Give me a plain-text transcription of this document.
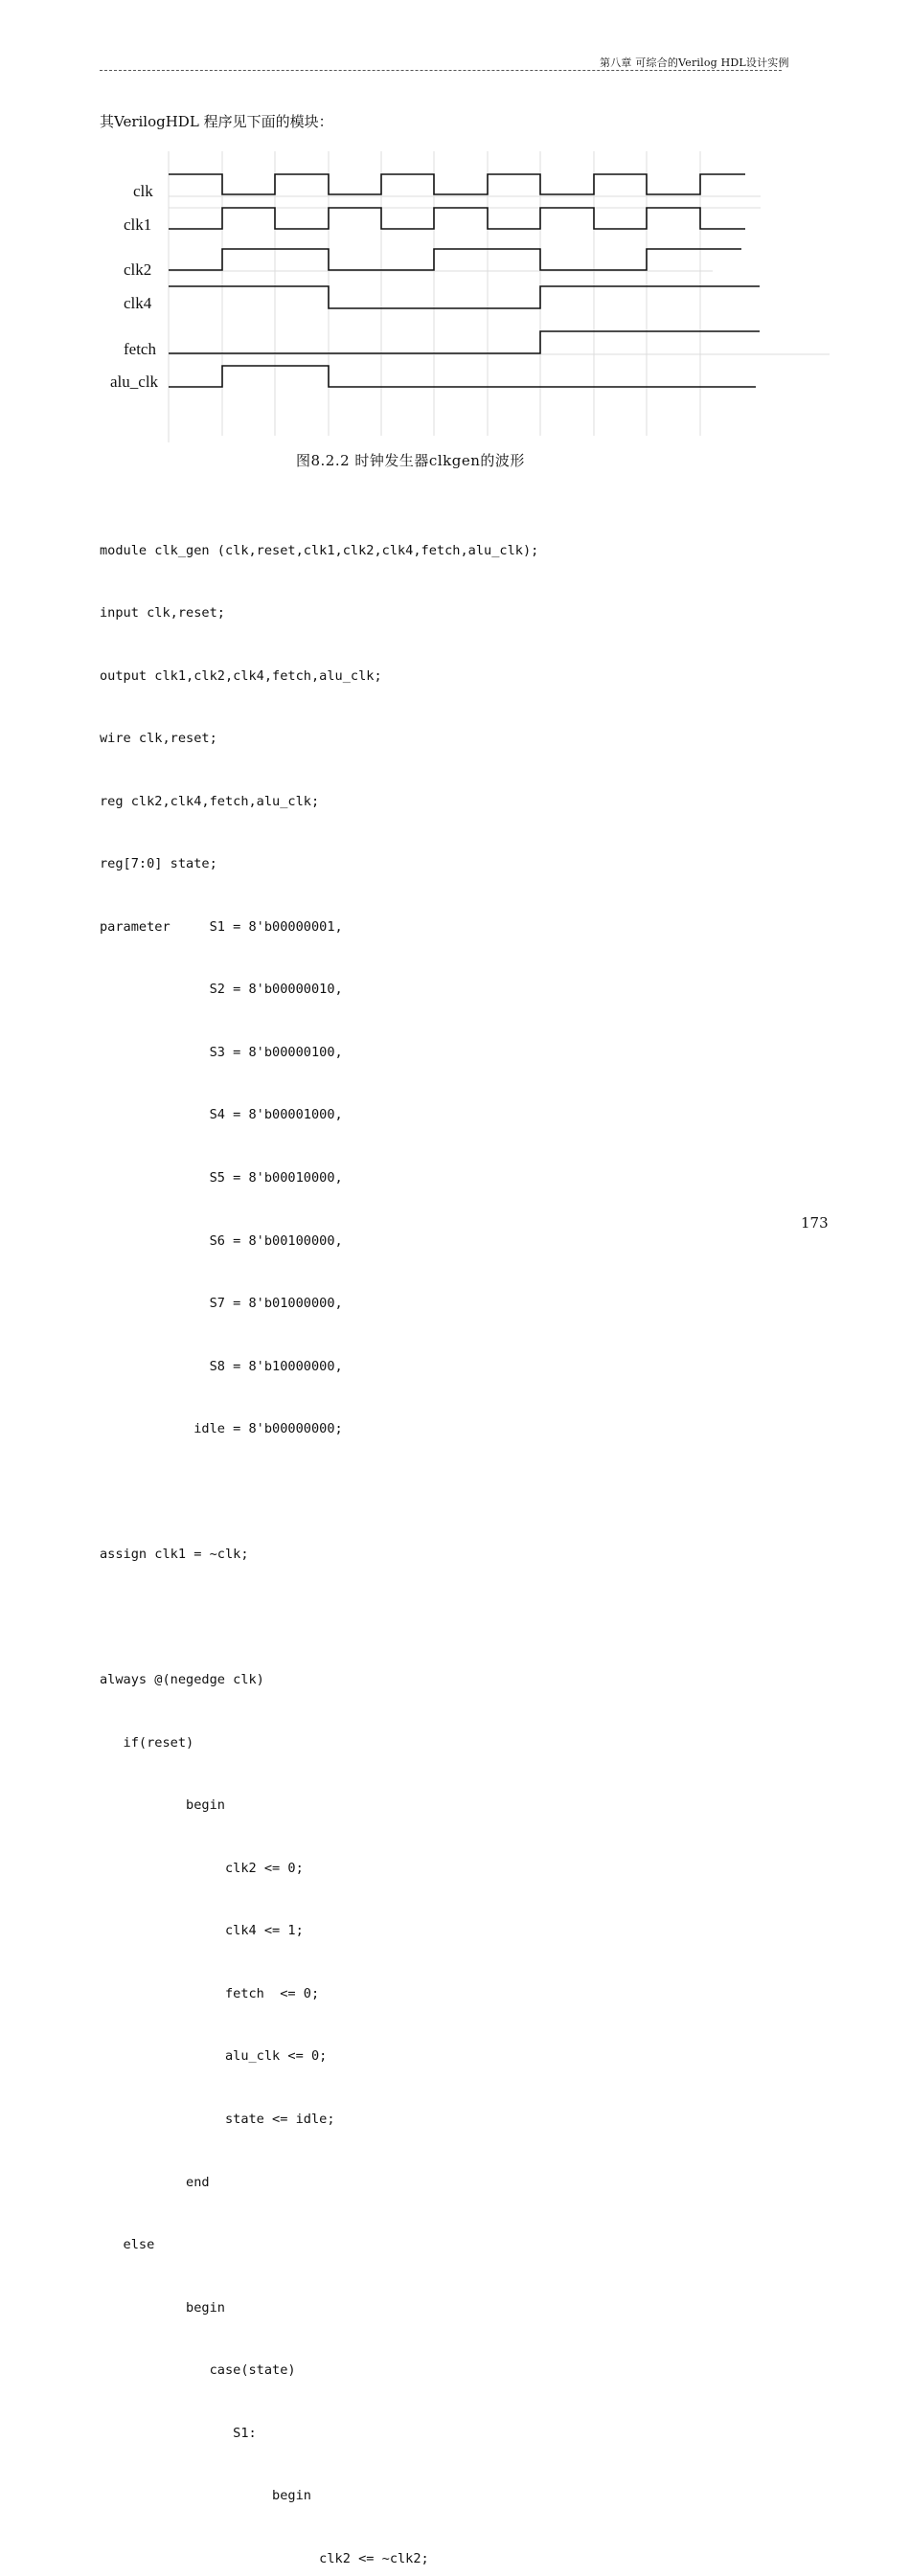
第八章 可综合的Verilog HDL设计实例
其VerilogHDL 程序见下面的模块：
clk
clk1
clk2
clk4
fetch
alu_clk
图8.2.2 时钟发生器clkgen的波形

module clk_gen (clk,reset,clk1,clk2,clk4,fetch,alu_clk);

input clk,reset;

output clk1,clk2,clk4,fetch,alu_clk;

wire clk,reset;

reg clk2,clk4,fetch,alu_clk;

reg[7:0] state;

parameter     S1 = 8'b00000001,

S2 = 8'b00000010,

S3 = 8'b00000100,

S4 = 8'b00001000,

S5 = 8'b00010000,

S6 = 8'b00100000,

S7 = 8'b01000000,

S8 = 8'b10000000,

idle = 8'b00000000;

assign clk1 = ~clk;

always @(negedge clk)

if(reset)

begin

clk2 <= 0;

clk4 <= 1;

fetch  <= 0;

alu_clk <= 0;

state <= idle;

end

else

begin

case(state)

S1:

begin

clk2 <= ~clk2;

173
